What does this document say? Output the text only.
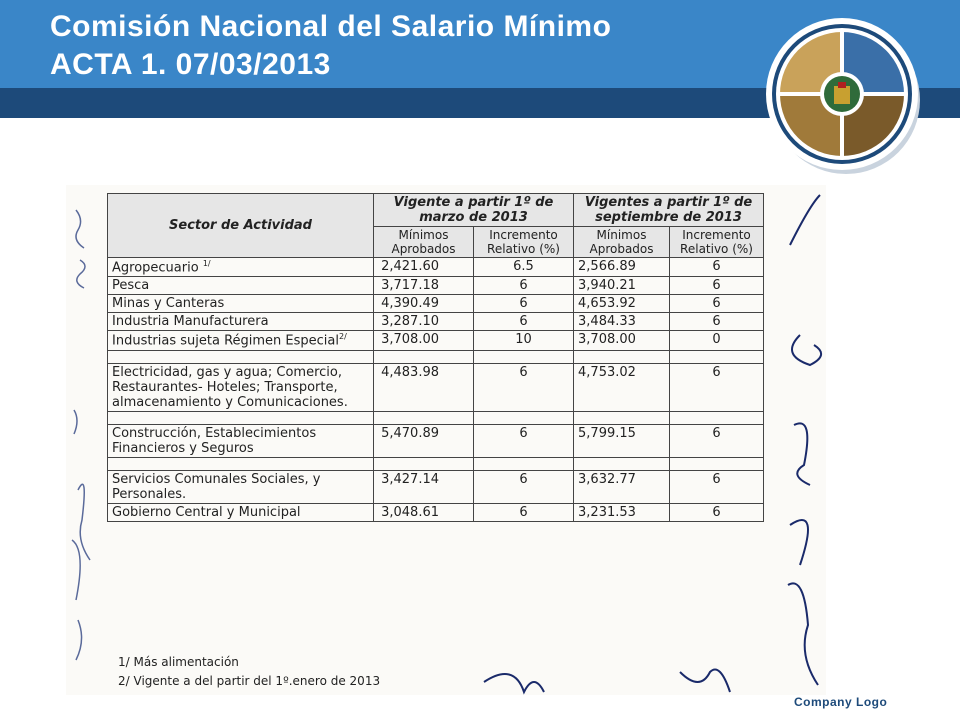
Comisión Nacional del Salario Mínimo
ACTA 1. 07/03/2013
Sector de Actividad	Vigente a partir 1º de marzo de 2013		Vigentes a partir 1º de septiembre de 2013	
	Mínimos Aprobados	Incremento Relativo (%)	Mínimos Aprobados	Incremento Relativo (%)
Agropecuario $^{1/}$	2,421.60	6.5	2,566.89	6
Pesca	3,717.18	6	3,940.21	6
Minas y Canteras	4,390.49	6	4,653.92	6
Industria Manufacturera	3,287.10	6	3,484.33	6
Industrias sujeta Régimen Especial$^{2/}$	3,708.00	10	3,708.00	0

Electricidad, gas y agua; Comercio, Restaurantes- Hoteles; Transporte, almacenamiento y Comunicaciones.	4,483.98	6	4,753.02	6

Construcción, Establecimientos Financieros y Seguros	5,470.89	6	5,799.15	6

Servicios Comunales Sociales, y Personales.	3,427.14	6	3,632.77	6
Gobierno Central y Municipal	3,048.61	6	3,231.53	6
1/ Más alimentación
2/ Vigente a del partir del 1º.enero de 2013
Company Logo
